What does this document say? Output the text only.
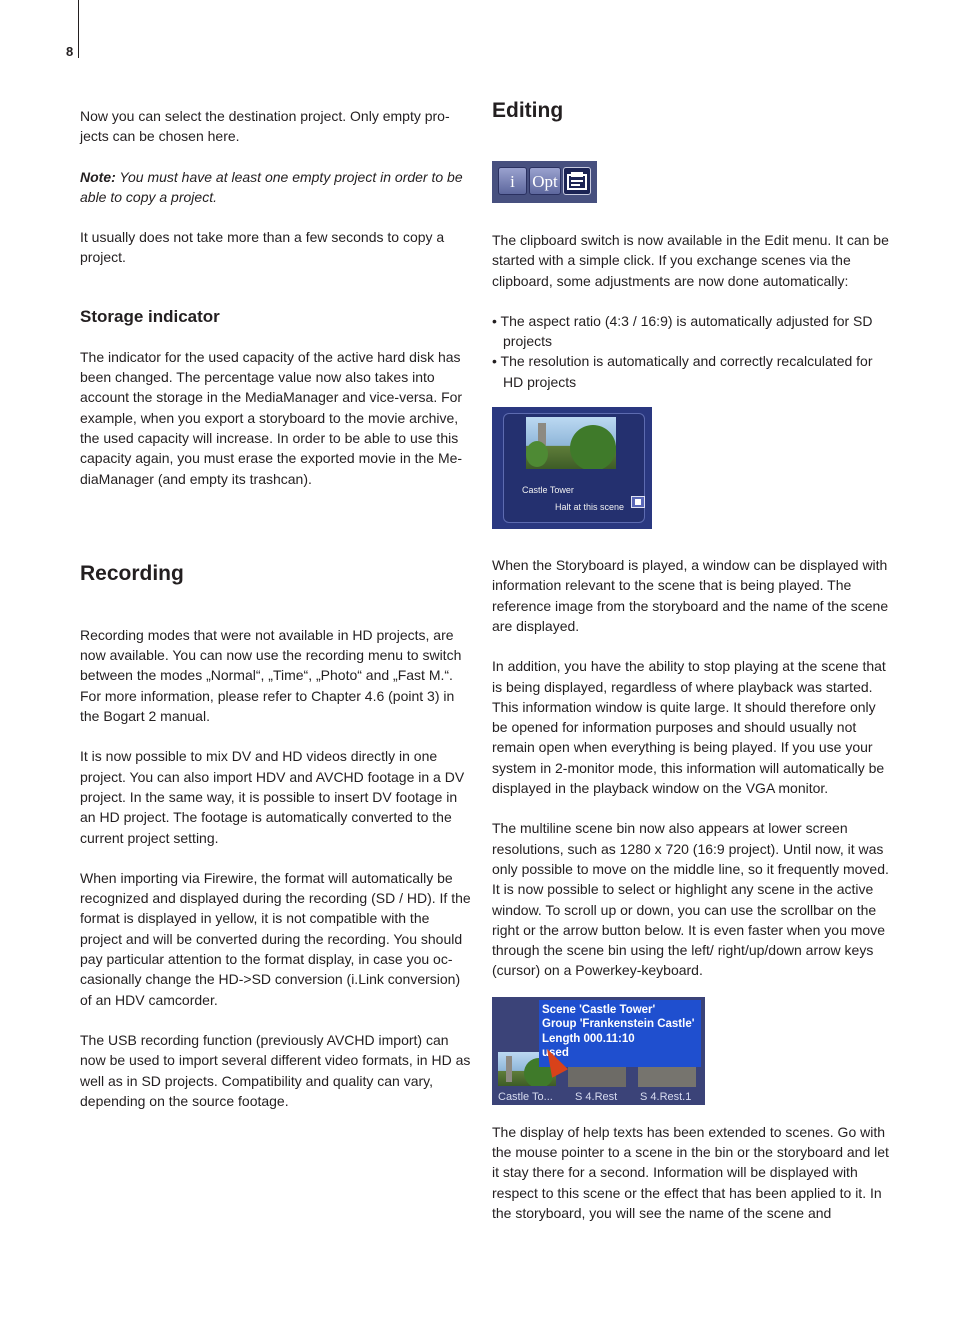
8

Now you can select the destination project. Only empty pro-jects can be chosen here.

Note: You must have at least one empty project in order to be able to copy a project.

It usually does not take more than a few seconds to copy a project.

Storage indicator

The indicator for the used capacity of the active hard disk has been changed. The percentage value now also takes into account the storage in the MediaManager and vice-versa. For example, when you export a storyboard to the movie archive, the used capacity will increase. In order to be able to use this capacity again, you must erase the exported movie in the Me-diaManager (and empty its trashcan).

Recording

Recording modes that were not available in HD projects, are now available. You can now use the recording menu to switch between the modes „Normal“, „Time“, „Photo“ and „Fast M.“. For more information, please refer to Chapter 4.6 (point 3) in the Bogart 2 manual.

It is now possible to mix DV and HD videos directly in one project. You can also import HDV and AVCHD footage in a DV project. In the same way, it is possible to insert DV footage in an HD project. The footage is automatically converted to the current project setting.

When importing via Firewire, the format will automatically be recognized and displayed during the recording (SD / HD). If the format is displayed in yellow, it is not compatible with the project and will be converted during the recording. You should pay particular attention to the format display, in case you oc-casionally change the HD->SD conversion (i.Link conversion) of an HDV camcorder.

The USB recording function (previously AVCHD import) can now be used to import several different video formats, in HD as well as in SD projects. Compatibility and quality can vary, depending on the source footage.

Editing
i	Opt

The clipboard switch is now available in the Edit menu. It can be started with a simple click. If you exchange scenes via the clipboard, some adjustments are now done automatically:

• The aspect ratio (4:3 / 16:9) is automatically adjusted for SD projects
• The resolution is automatically and correctly recalculated for HD projects
Castle Tower
Halt at this scene

When the Storyboard is played, a window can be displayed with information relevant to the scene that is being played. The reference image from the storyboard and the name of the scene are displayed.

In addition, you have the ability to stop playing at the scene that is being displayed, regardless of where playback was started. This information window is quite large. It should therefore only be opened for information purposes and should usually not remain open when everything is being played. If you use your system in 2-monitor mode, this information will automatically be displayed in the playback window on the VGA monitor.

The multiline scene bin now also appears at lower screen resolutions, such as 1280 x 720 (16:9 project). Until now, it was only possible to move on the middle line, so it frequently moved. It is now possible to select or highlight any scene in the active window. To scroll up or down, you can use the scrollbar on the right or the arrow button below. It is even faster when you move through the scene bin using the left/ right/up/down arrow keys (cursor) on a Powerkey-keyboard.

Scene 'Castle Tower'
Group 'Frankenstein Castle'
Length 000.11:10
used
Castle To... S 4.Rest S 4.Rest.1

The display of help texts has been extended to scenes. Go with the mouse pointer to a scene in the bin or the storyboard and let it stay there for a second. Information will be displayed with respect to this scene or the effect that has been applied to it. In the storyboard, you will see the name of the scene and
